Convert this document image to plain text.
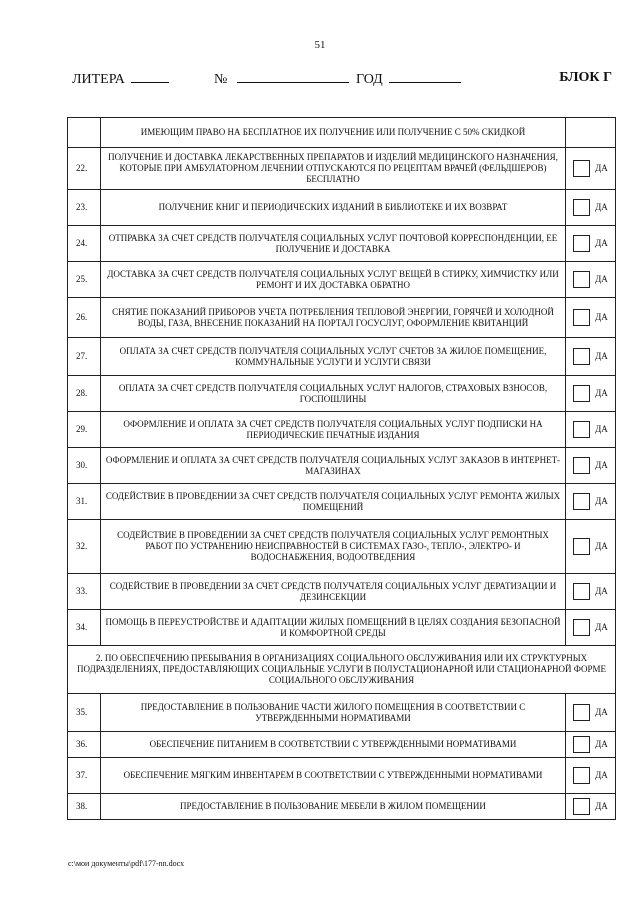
51
ЛИТЕРА	№	ГОД	БЛОК Г
	ИМЕЮЩИМ ПРАВО НА БЕСПЛАТНОЕ ИХ ПОЛУЧЕНИЕ ИЛИ ПОЛУЧЕНИЕ С 50% СКИДКОЙ	
22.	ПОЛУЧЕНИЕ И ДОСТАВКА ЛЕКАРСТВЕННЫХ ПРЕПАРАТОВ И ИЗДЕЛИЙ МЕДИЦИНСКОГО НАЗНАЧЕНИЯ, КОТОРЫЕ ПРИ АМБУЛАТОРНОМ ЛЕЧЕНИИ ОТПУСКАЮТСЯ ПО РЕЦЕПТАМ ВРАЧЕЙ (ФЕЛЬДШЕРОВ) БЕСПЛАТНО	ДА

23.	ПОЛУЧЕНИЕ КНИГ И ПЕРИОДИЧЕСКИХ ИЗДАНИЙ В БИБЛИОТЕКЕ И ИХ ВОЗВРАТ	ДА

24.	ОТПРАВКА ЗА СЧЕТ СРЕДСТВ ПОЛУЧАТЕЛЯ СОЦИАЛЬНЫХ УСЛУГ ПОЧТОВОЙ КОРРЕСПОНДЕНЦИИ, ЕЕ ПОЛУЧЕНИЕ И ДОСТАВКА	ДА

25.	ДОСТАВКА ЗА СЧЕТ СРЕДСТВ ПОЛУЧАТЕЛЯ СОЦИАЛЬНЫХ УСЛУГ ВЕЩЕЙ В СТИРКУ, ХИМЧИСТКУ ИЛИ РЕМОНТ И ИХ ДОСТАВКА ОБРАТНО	ДА

26.	СНЯТИЕ ПОКАЗАНИЙ ПРИБОРОВ УЧЕТА ПОТРЕБЛЕНИЯ ТЕПЛОВОЙ ЭНЕРГИИ, ГОРЯЧЕЙ И ХОЛОДНОЙ ВОДЫ, ГАЗА, ВНЕСЕНИЕ ПОКАЗАНИЙ НА ПОРТАЛ ГОСУСЛУГ, ОФОРМЛЕНИЕ КВИТАНЦИЙ	ДА

27.	ОПЛАТА ЗА СЧЕТ СРЕДСТВ ПОЛУЧАТЕЛЯ СОЦИАЛЬНЫХ УСЛУГ СЧЕТОВ ЗА ЖИЛОЕ ПОМЕЩЕНИЕ, КОММУНАЛЬНЫЕ УСЛУГИ И УСЛУГИ СВЯЗИ	ДА

28.	ОПЛАТА ЗА СЧЕТ СРЕДСТВ ПОЛУЧАТЕЛЯ СОЦИАЛЬНЫХ УСЛУГ НАЛОГОВ, СТРАХОВЫХ ВЗНОСОВ, ГОСПОШЛИНЫ	ДА

29.	ОФОРМЛЕНИЕ И ОПЛАТА ЗА СЧЕТ СРЕДСТВ ПОЛУЧАТЕЛЯ СОЦИАЛЬНЫХ УСЛУГ ПОДПИСКИ НА ПЕРИОДИЧЕСКИЕ ПЕЧАТНЫЕ ИЗДАНИЯ	ДА

30.	ОФОРМЛЕНИЕ И ОПЛАТА ЗА СЧЕТ СРЕДСТВ ПОЛУЧАТЕЛЯ СОЦИАЛЬНЫХ УСЛУГ ЗАКАЗОВ В ИНТЕРНЕТ-МАГАЗИНАХ	ДА

31.	СОДЕЙСТВИЕ В ПРОВЕДЕНИИ ЗА СЧЕТ СРЕДСТВ ПОЛУЧАТЕЛЯ СОЦИАЛЬНЫХ УСЛУГ РЕМОНТА ЖИЛЫХ ПОМЕЩЕНИЙ	ДА

32.	СОДЕЙСТВИЕ В ПРОВЕДЕНИИ ЗА СЧЕТ СРЕДСТВ ПОЛУЧАТЕЛЯ СОЦИАЛЬНЫХ УСЛУГ РЕМОНТНЫХ РАБОТ ПО УСТРАНЕНИЮ НЕИСПРАВНОСТЕЙ В СИСТЕМАХ ГАЗО-, ТЕПЛО-, ЭЛЕКТРО- И ВОДОСНАБЖЕНИЯ, ВОДООТВЕДЕНИЯ	ДА

33.	СОДЕЙСТВИЕ В ПРОВЕДЕНИИ ЗА СЧЕТ СРЕДСТВ ПОЛУЧАТЕЛЯ СОЦИАЛЬНЫХ УСЛУГ ДЕРАТИЗАЦИИ И ДЕЗИНСЕКЦИИ	ДА

34.	ПОМОЩЬ В ПЕРЕУСТРОЙСТВЕ И АДАПТАЦИИ ЖИЛЫХ ПОМЕЩЕНИЙ В ЦЕЛЯХ СОЗДАНИЯ БЕЗОПАСНОЙ И КОМФОРТНОЙ СРЕДЫ	ДА

2. ПО ОБЕСПЕЧЕНИЮ ПРЕБЫВАНИЯ В ОРГАНИЗАЦИЯХ СОЦИАЛЬНОГО ОБСЛУЖИВАНИЯ ИЛИ ИХ СТРУКТУРНЫХ ПОДРАЗДЕЛЕНИЯХ, ПРЕДОСТАВЛЯЮЩИХ СОЦИАЛЬНЫЕ УСЛУГИ В ПОЛУСТАЦИОНАРНОЙ ИЛИ СТАЦИОНАРНОЙ ФОРМЕ СОЦИАЛЬНОГО ОБСЛУЖИВАНИЯ		
35.	ПРЕДОСТАВЛЕНИЕ В ПОЛЬЗОВАНИЕ ЧАСТИ ЖИЛОГО ПОМЕЩЕНИЯ В СООТВЕТСТВИИ С УТВЕРЖДЕННЫМИ НОРМАТИВАМИ	ДА

36.	ОБЕСПЕЧЕНИЕ ПИТАНИЕМ В СООТВЕТСТВИИ С УТВЕРЖДЕННЫМИ НОРМАТИВАМИ	ДА

37.	ОБЕСПЕЧЕНИЕ МЯГКИМ ИНВЕНТАРЕМ В СООТВЕТСТВИИ С УТВЕРЖДЕННЫМИ НОРМАТИВАМИ	ДА

38.	ПРЕДОСТАВЛЕНИЕ В ПОЛЬЗОВАНИЕ МЕБЕЛИ В ЖИЛОМ ПОМЕЩЕНИИ	ДА
c:\мои документы\pdf\177-nn.docx
